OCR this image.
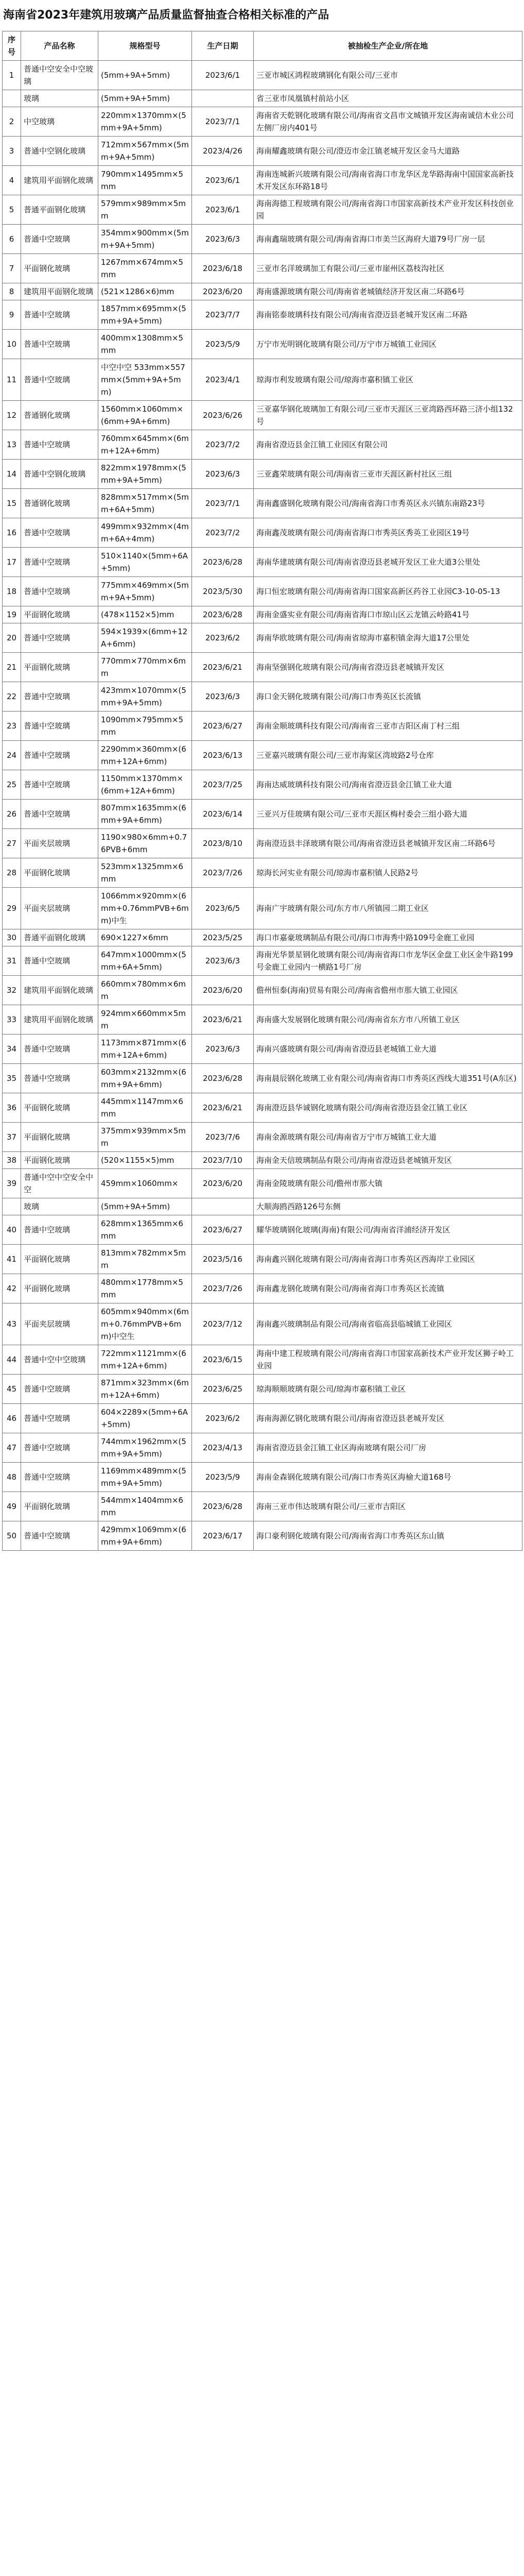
海南省2023年建筑用玻璃产品质量监督抽查合格相关标准的产品
序号	产品名称	规格型号	生产日期	被抽检生产企业/所在地
1	普通中空安全中空玻璃	(5mm+9A+5mm)	2023/6/1	三亚市城区鸿程玻璃钢化有限公司/三亚市
	玻璃	(5mm+9A+5mm)		省三亚市凤凰镇村前站小区
2	中空玻璃	220mm×1370mm×(5mm+9A+5mm)	2023/7/1	海南省天乾钢化玻璃有限公司/海南省文昌市文城镇开发区海南诚信木业公司左侧厂房内401号
3	普通中空钢化玻璃	712mm×567mm×(5mm+9A+5mm)	2023/4/26	海南耀鑫玻璃有限公司/澄迈市金江镇老城开发区金马大道路
4	建筑用平面钢化玻璃	790mm×1495mm×5mm	2023/6/1	海南连城新兴玻璃有限公司/海南省海口市龙华区龙华路海南中国国家高新技术开发区东环路18号
5	普通平面钢化玻璃	579mm×989mm×5mm	2023/6/1	海南海德工程玻璃有限公司/海南省海口市国家高新技术产业开发区科技创业园
6	普通中空玻璃	354mm×900mm×(5mm+9A+5mm)	2023/6/3	海南鑫瑞玻璃有限公司/海南省海口市美兰区海府大道79号厂房一层
7	平面钢化玻璃	1267mm×674mm×5mm	2023/6/18	三亚市名洋玻璃加工有限公司/三亚市崖州区荔枝沟社区
8	建筑用平面钢化玻璃	(521×1286×6)mm	2023/6/20	海南盛源玻璃有限公司/海南省老城镇经济开发区南二环路6号
9	普通中空玻璃	1857mm×695mm×(5mm+9A+5mm)	2023/7/7	海南铭泰玻璃科技有限公司/海南省澄迈县老城开发区南二环路
10	普通中空玻璃	400mm×1308mm×5mm	2023/5/9	万宁市光明钢化玻璃有限公司/万宁市万城镇工业园区
11	普通中空玻璃	中空中空 533mm×557mm×(5mm+9A+5mm)	2023/4/1	琼海市利发玻璃有限公司/琼海市嘉积镇工业区
12	普通钢化玻璃	1560mm×1060mm×(6mm+9A+6mm)	2023/6/26	三亚嘉华钢化玻璃加工有限公司/三亚市天涯区三亚湾路西环路三济小组132号
13	普通中空玻璃	760mm×645mm×(6mm+12A+6mm)	2023/7/2	海南省澄迈县金江镇工业园区有限公司
14	普通中空钢化玻璃	822mm×1978mm×(5mm+9A+5mm)	2023/6/3	三亚鑫荣玻璃有限公司/海南省三亚市天涯区新村社区三组
15	普通钢化玻璃	828mm×517mm×(5mm+6A+5mm)	2023/7/1	海南鑫盛钢化玻璃有限公司/海南省海口市秀英区永兴镇东南路23号
16	普通中空玻璃	499mm×932mm×(4mm+6A+4mm)	2023/7/2	海南鑫茂玻璃有限公司/海南省海口市秀英区秀英工业园区19号
17	普通中空玻璃	510×1140×(5mm+6A+5mm)	2023/6/28	海南华建玻璃有限公司/海南省澄迈县老城开发区工业大道3公里处
18	普通中空玻璃	775mm×469mm×(5mm+9A+5mm)	2023/5/30	海口恒宏玻璃有限公司/海南省海口国家高新区药谷工业园C3-10-05-13
19	平面钢化玻璃	(478×1152×5)mm	2023/6/28	海南金盛实业有限公司/海南省海口市琼山区云龙镇云岭路41号
20	普通中空玻璃	594×1939×(6mm+12A+6mm)	2023/6/2	海南华欧玻璃有限公司/海南省琼海市嘉积镇金海大道17公里处
21	平面钢化玻璃	770mm×770mm×6mm	2023/6/21	海南坚强钢化玻璃有限公司/海南省澄迈县老城镇开发区
22	普通中空玻璃	423mm×1070mm×(5mm+9A+5mm)	2023/6/3	海口金天钢化玻璃有限公司/海口市秀英区长流镇
23	普通中空玻璃	1090mm×795mm×5mm	2023/6/27	海南金顺玻璃科技有限公司/海南省三亚市吉阳区南丁村三组
24	普通中空玻璃	2290mm×360mm×(6mm+12A+6mm)	2023/6/13	三亚嘉兴玻璃有限公司/三亚市海棠区湾坡路2号仓库
25	普通中空玻璃	1150mm×1370mm×(6mm+12A+6mm)	2023/7/25	海南达威玻璃科技有限公司/海南省澄迈县金江镇工业大道
26	普通中空玻璃	807mm×1635mm×(6mm+9A+6mm)	2023/6/14	三亚兴万佳玻璃有限公司/三亚市天涯区梅村委会三组小路大道
27	平面夹层玻璃	1190×980×6mm+0.76PVB+6mm	2023/8/10	海南澄迈县丰泽玻璃有限公司/海南省澄迈县老城镇开发区南二环路6号
28	平面钢化玻璃	523mm×1325mm×6mm	2023/7/26	琼海长河实业有限公司/琼海市嘉积镇人民路2号
29	平面夹层玻璃	1066mm×920mm×(6mm+0.76mmPVB+6mm)中生	2023/6/5	海南广宇玻璃有限公司/东方市八所镇园二期工业区
30	普通平面钢化玻璃	690×1227×6mm	2023/5/25	海口市嘉豪玻璃制品有限公司/海口市海秀中路109号金鹿工业园
31	普通中空玻璃	647mm×1000mm×(5mm+6A+5mm)	2023/6/3	海南光华景星钢化玻璃有限公司/海南省海口市龙华区金盘工业区金牛路199号金鹿工业园内一横路1号厂房
32	建筑用平面钢化玻璃	660mm×780mm×6mm	2023/6/20	儋州恒泰(海南)贸易有限公司/海南省儋州市那大镇工业园区
33	建筑用平面钢化玻璃	924mm×660mm×5mm	2023/6/21	海南盛大发展钢化玻璃有限公司/海南省东方市八所镇工业区
34	普通中空玻璃	1173mm×871mm×(6mm+12A+6mm)	2023/6/3	海南兴盛玻璃有限公司/海南省澄迈县老城镇工业大道
35	普通中空玻璃	603mm×2132mm×(6mm+9A+6mm)	2023/6/28	海南晨辰钢化玻璃工业有限公司/海南省海口市秀英区西线大道351号(A东区)
36	平面钢化玻璃	445mm×1147mm×6mm	2023/6/21	海南澄迈县华诚钢化玻璃有限公司/海南省澄迈县金江镇工业区
37	平面钢化玻璃	375mm×939mm×5mm	2023/7/6	海南金源玻璃有限公司/海南省万宁市万城镇工业大道
38	平面钢化玻璃	(520×1155×5)mm	2023/7/10	海南金天信玻璃制品有限公司/海南省澄迈县老城镇开发区
39	普通中空中空安全中空	459mm×1060mm×	2023/6/20	海南金陵玻璃有限公司/儋州市那大镇
	玻璃	(5mm+9A+5mm)		大顺海鸥西路126号东侧
40	普通中空玻璃	628mm×1365mm×6mm	2023/6/27	耀华玻璃钢化玻璃(海南)有限公司/海南省洋浦经济开发区
41	平面钢化玻璃	813mm×782mm×5mm	2023/5/16	海南鑫兴钢化玻璃有限公司/海南省海口市秀英区西海岸工业园区
42	平面钢化玻璃	480mm×1778mm×5mm	2023/7/26	海南鑫龙钢化玻璃有限公司/海南省海口市秀英区长流镇
43	平面夹层玻璃	605mm×940mm×(6mm+0.76mmPVB+6mm)中空生	2023/7/12	海南鑫兴玻璃制品有限公司/海南省临高县临城镇工业园区
44	普通中空中空玻璃	722mm×1121mm×(6mm+12A+6mm)	2023/6/15	海南中建工程玻璃有限公司/海南省海口市国家高新技术产业开发区狮子岭工业园
45	普通中空玻璃	871mm×323mm×(6mm+12A+6mm)	2023/6/25	琼海顺顺玻璃有限公司/琼海市嘉积镇工业区
46	普通中空玻璃	604×2289×(5mm+6A+5mm)	2023/6/2	海南海源亿钢化玻璃有限公司/海南省澄迈县老城开发区
47	普通中空玻璃	744mm×1962mm×(5mm+9A+5mm)	2023/4/13	海南省澄迈县金江镇工业区海南玻璃有限公司厂房
48	普通中空玻璃	1169mm×489mm×(5mm+9A+5mm)	2023/5/9	海南金森钢化玻璃有限公司/海口市秀英区海榆大道168号
49	平面钢化玻璃	544mm×1404mm×6mm	2023/6/28	海南三亚市伟达玻璃有限公司/三亚市吉阳区
50	普通中空玻璃	429mm×1069mm×(6mm+9A+6mm)	2023/6/17	海口豪利钢化玻璃有限公司/海南省海口市秀英区东山镇
